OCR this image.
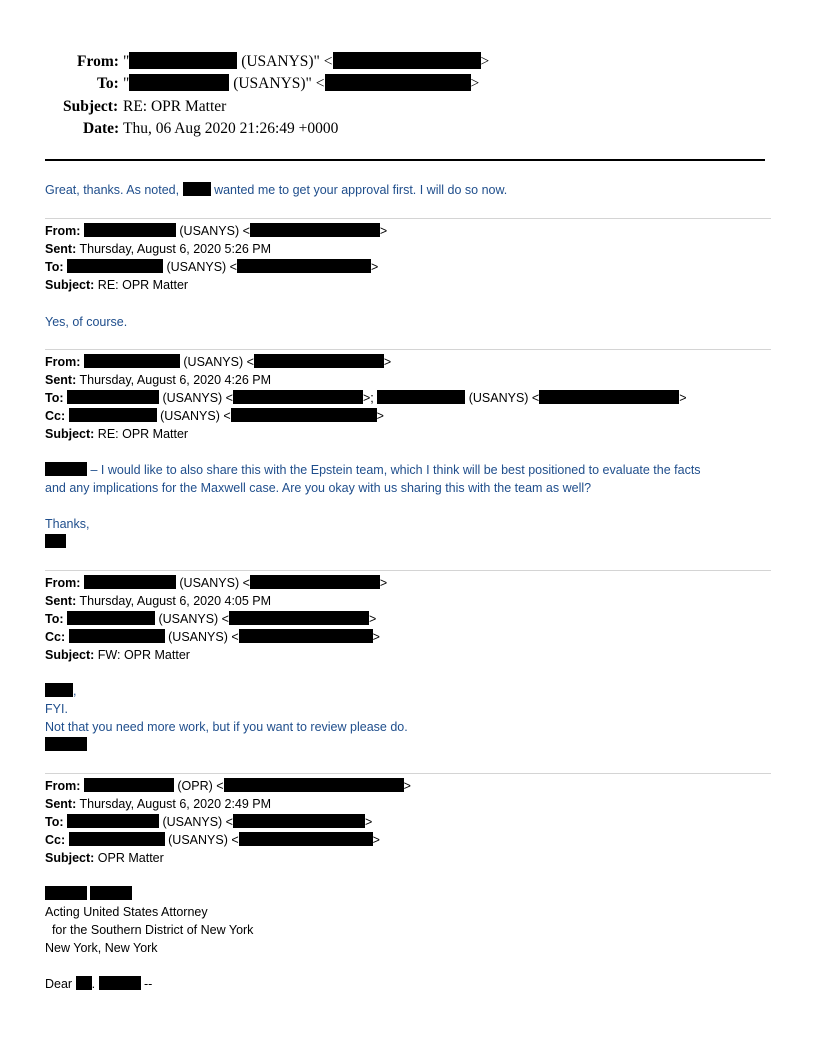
From: "	(USANYS)" <	>
To: "	(USANYS)" <	>
Subject: RE: OPR Matter
Date: Thu, 06 Aug 2020 21:26:49 +0000
Great, thanks. As noted,	wanted me to get your approval first. I will do so now.
From:	(USANYS) <	>
Sent: Thursday, August 6, 2020 5:26 PM
To:	(USANYS) <	>
Subject: RE: OPR Matter
Yes, of course.
From:	(USANYS) <	>
Sent: Thursday, August 6, 2020 4:26 PM
To:	(USANYS) <	>;	(USANYS) <	>
Cc:	(USANYS) <	>
Subject: RE: OPR Matter
– I would like to also share this with the Epstein team, which I think will be best positioned to evaluate the facts
and any implications for the Maxwell case. Are you okay with us sharing this with the team as well?
Thanks,
From:	(USANYS) <	>
Sent: Thursday, August 6, 2020 4:05 PM
To:	(USANYS) <	>
Cc:	(USANYS) <	>
Subject: FW: OPR Matter
,
FYI.
Not that you need more work, but if you want to review please do.
From:	(OPR) <	>
Sent: Thursday, August 6, 2020 2:49 PM
To:	(USANYS) <	>
Cc:	(USANYS) <	>
Subject: OPR Matter

Acting United States Attorney
for the Southern District of New York
New York, New York
Dear .	--
